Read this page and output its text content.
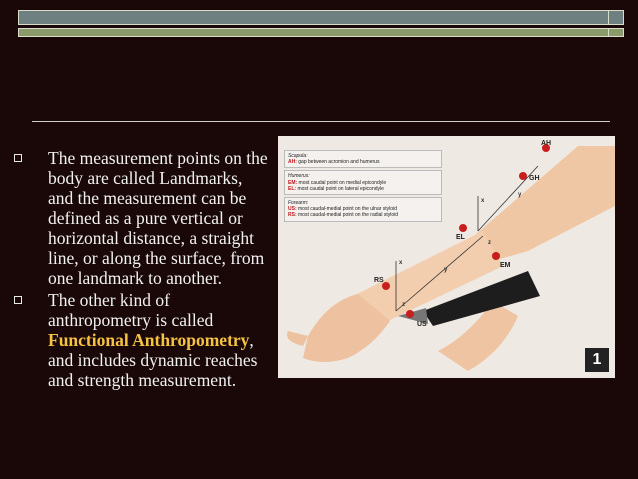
The measurement points on the body are called Landmarks, and the measurement can be defined as a pure vertical or horizontal distance, a straight line, or along the surface, from one landmark to another.
The other kind of anthropometry is called Functional Anthropometry, and includes dynamic reaches and strength measurement.
AH
GH
EL
EM
RS
US
x
y
z
x
y
z
Scapula:
AH: gap between acromion and humerus
Humerus:
EM: most caudal point on medial epicondyle
EL: most caudal point on lateral epicondyle
Forearm:
US: most caudal-medial point on the ulnar styloid
RS: most caudal-medial point on the radial styloid
1
